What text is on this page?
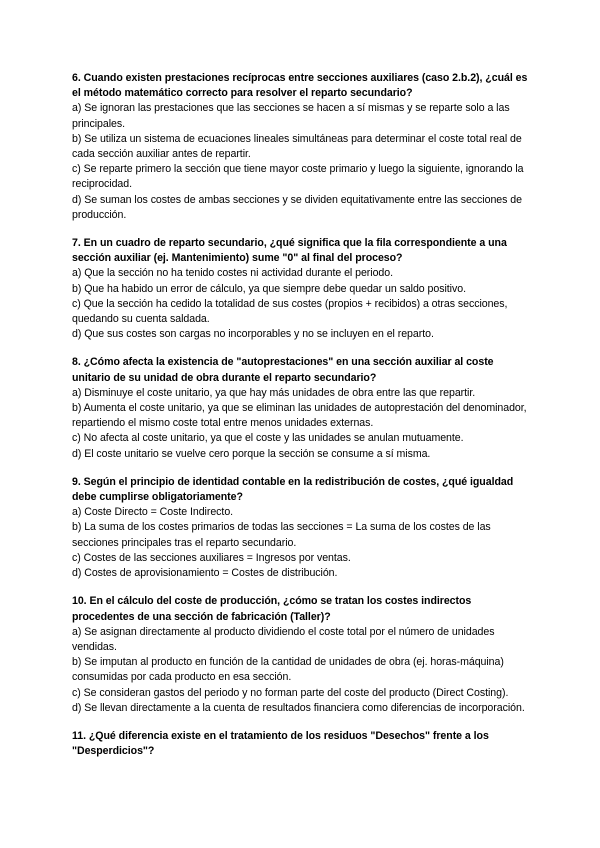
6. Cuando existen prestaciones recíprocas entre secciones auxiliares (caso 2.b.2), ¿cuál es el método matemático correcto para resolver el reparto secundario?

a) Se ignoran las prestaciones que las secciones se hacen a sí mismas y se reparte solo a las principales.

b) Se utiliza un sistema de ecuaciones lineales simultáneas para determinar el coste total real de cada sección auxiliar antes de repartir.

c) Se reparte primero la sección que tiene mayor coste primario y luego la siguiente, ignorando la reciprocidad.

d) Se suman los costes de ambas secciones y se dividen equitativamente entre las secciones de producción.

7. En un cuadro de reparto secundario, ¿qué significa que la fila correspondiente a una sección auxiliar (ej. Mantenimiento) sume "0" al final del proceso?

a) Que la sección no ha tenido costes ni actividad durante el periodo.

b) Que ha habido un error de cálculo, ya que siempre debe quedar un saldo positivo.

c) Que la sección ha cedido la totalidad de sus costes (propios + recibidos) a otras secciones, quedando su cuenta saldada.

d) Que sus costes son cargas no incorporables y no se incluyen en el reparto.

8. ¿Cómo afecta la existencia de "autoprestaciones" en una sección auxiliar al coste unitario de su unidad de obra durante el reparto secundario?

a) Disminuye el coste unitario, ya que hay más unidades de obra entre las que repartir.

b) Aumenta el coste unitario, ya que se eliminan las unidades de autoprestación del denominador, repartiendo el mismo coste total entre menos unidades externas.

c) No afecta al coste unitario, ya que el coste y las unidades se anulan mutuamente.

d) El coste unitario se vuelve cero porque la sección se consume a sí misma.

9. Según el principio de identidad contable en la redistribución de costes, ¿qué igualdad debe cumplirse obligatoriamente?

a) Coste Directo = Coste Indirecto.

b) La suma de los costes primarios de todas las secciones = La suma de los costes de las secciones principales tras el reparto secundario.

c) Costes de las secciones auxiliares = Ingresos por ventas.

d) Costes de aprovisionamiento = Costes de distribución.

10. En el cálculo del coste de producción, ¿cómo se tratan los costes indirectos procedentes de una sección de fabricación (Taller)?

a) Se asignan directamente al producto dividiendo el coste total por el número de unidades vendidas.

b) Se imputan al producto en función de la cantidad de unidades de obra (ej. horas-máquina) consumidas por cada producto en esa sección.

c) Se consideran gastos del periodo y no forman parte del coste del producto (Direct Costing).

d) Se llevan directamente a la cuenta de resultados financiera como diferencias de incorporación.

11. ¿Qué diferencia existe en el tratamiento de los residuos "Desechos" frente a los "Desperdicios"?
